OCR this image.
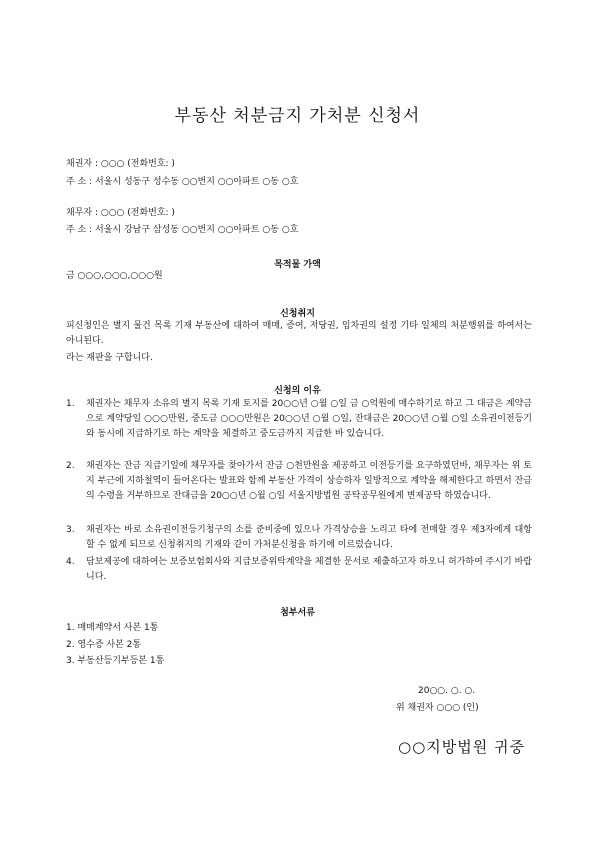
부동산 처분금지 가처분 신청서
채권자 : ○○○ (전화번호: )
주 소 : 서울시 성동구 성수동 ○○번지 ○○아파트 ○동 ○호
채무자 : ○○○ (전화번호: )
주 소 : 서울시 강남구 삼성동 ○○번지 ○○아파트 ○동 ○호
목적물 가액
금 ○○○,○○○,○○○원
신청취지
피신청인은 별지 물건 목록 기재 부동산에 대하여 매매, 증여, 저당권, 임차권의 설정 기타 일체의 처분행위를 하여서는 아니된다.
라는 재판을 구합니다.
신청의 이유
1. 채권자는 채무자 소유의 별지 목록 기재 토지를 20○○년 ○월 ○일 금 ○억원에 매수하기로 하고 그 대금은 계약금으로 계약당일 ○○○만원, 중도금 ○○○만원은 20○○년 ○월 ○일, 잔대금은 20○○년 ○월 ○일 소유권이전등기와 동시에 지급하기로 하는 계약을 체결하고 중도금까지 지급한 바 있습니다.
2. 채권자는 잔금 지급기일에 채무자를 찾아가서 잔금 ○천만원을 제공하고 이전등기를 요구하였던바, 채무자는 위 토지 부근에 지하철역이 들어온다는 발표와 함께 부동산 가격이 상승하자 일방적으로 계약을 해제한다고 하면서 잔금의 수령을 거부하므로 잔대금을 20○○년 ○월 ○일 서울지방법원 공탁공무원에게 변제공탁 하였습니다.
3. 채권자는 바로 소유권이전등기청구의 소를 준비중에 있으나 가격상승을 노리고 타에 전매할 경우 제3자에게 대항할 수 없게 되므로 신청취지의 기재와 같이 가처분신청을 하기에 이르렀습니다.
4. 담보제공에 대하여는 보증보험회사와 지급보증위탁계약을 체결한 문서로 제출하고자 하오니 허가하여 주시기 바랍니다.
첨부서류
1. 매매계약서 사본 1통
2. 영수증 사본 2통
3. 부동산등기부등본 1통
20○○. ○. ○.
위 채권자 ○○○ (인)
○○지방법원 귀중
